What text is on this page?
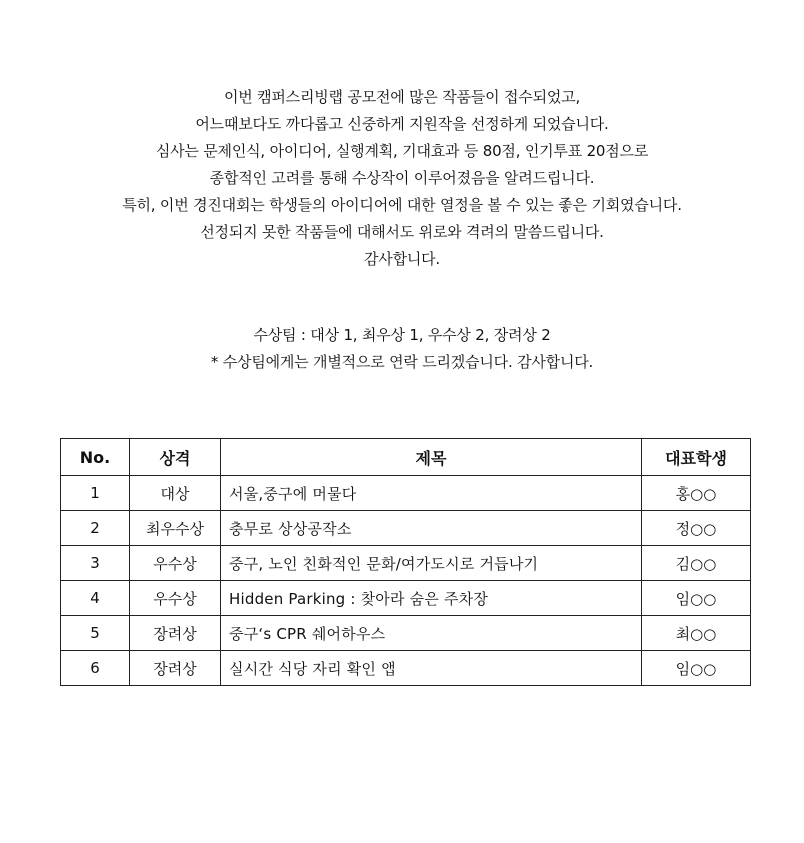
이번 캠퍼스리빙랩 공모전에 많은 작품들이 접수되었고,

어느때보다도 까다롭고 신중하게 지원작을 선정하게 되었습니다.

심사는 문제인식, 아이디어, 실행계획, 기대효과 등 80점, 인기투표 20점으로

종합적인 고려를 통해 수상작이 이루어졌음을 알려드립니다.

특히, 이번 경진대회는 학생들의 아이디어에 대한 열정을 볼 수 있는 좋은 기회였습니다.

선정되지 못한 작품들에 대해서도 위로와 격려의 말씀드립니다.

감사합니다.

수상팀 : 대상 1, 최우상 1, 우수상 2, 장려상 2

* 수상팀에게는 개별적으로 연락 드리겠습니다. 감사합니다.

No.	상격	제목	대표학생
1	대상	서울,중구에 머물다	홍○○
2	최우수상	충무로 상상공작소	정○○
3	우수상	중구, 노인 친화적인 문화/여가도시로 거듭나기	김○○
4	우수상	Hidden Parking : 찾아라 숨은 주차장	임○○
5	장려상	중구‘s CPR 쉐어하우스	최○○
6	장려상	실시간 식당 자리 확인 앱	임○○
